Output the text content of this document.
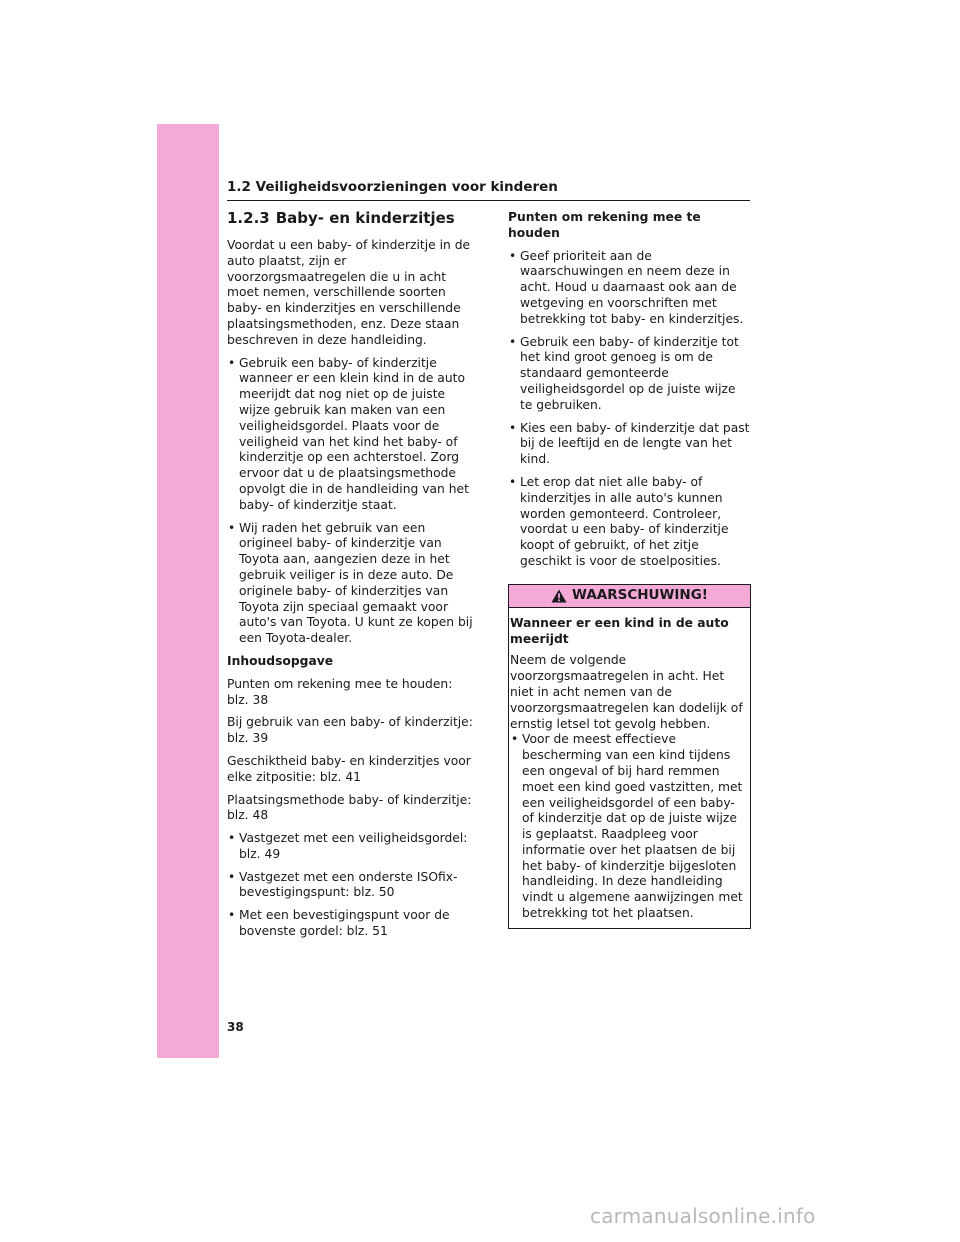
1.2 Veiligheidsvoorzieningen voor kinderen
1.2.3 Baby- en kinderzitjes

Voordat u een baby- of kinderzitje in de auto plaatst, zijn er voorzorgsmaatregelen die u in acht moet nemen, verschillende soorten baby- en kinderzitjes en verschillende plaatsingsmethoden, enz. Deze staan beschreven in deze handleiding.

• Gebruik een baby- of kinderzitje wanneer er een klein kind in de auto meerijdt dat nog niet op de juiste wijze gebruik kan maken van een veiligheidsgordel. Plaats voor de veiligheid van het kind het baby- of kinderzitje op een achterstoel. Zorg ervoor dat u de plaatsingsmethode opvolgt die in de handleiding van het baby- of kinderzitje staat.
• Wij raden het gebruik van een origineel baby- of kinderzitje van Toyota aan, aangezien deze in het gebruik veiliger is in deze auto. De originele baby- of kinderzitjes van Toyota zijn speciaal gemaakt voor auto's van Toyota. U kunt ze kopen bij een Toyota-dealer.

Inhoudsopgave

Punten om rekening mee te houden: blz. 38

Bij gebruik van een baby- of kinderzitje: blz. 39

Geschiktheid baby- en kinderzitjes voor elke zitpositie: blz. 41

Plaatsingsmethode baby- of kinderzitje: blz. 48

• Vastgezet met een veiligheidsgordel: blz. 49
• Vastgezet met een onderste ISOfix-bevestigingspunt: blz. 50
• Met een bevestigingspunt voor de bovenste gordel: blz. 51

Punten om rekening mee te houden

• Geef prioriteit aan de waarschuwingen en neem deze in acht. Houd u daarnaast ook aan de wetgeving en voorschriften met betrekking tot baby- en kinderzitjes.
• Gebruik een baby- of kinderzitje tot het kind groot genoeg is om de standaard gemonteerde veiligheidsgordel op de juiste wijze te gebruiken.
• Kies een baby- of kinderzitje dat past bij de leeftijd en de lengte van het kind.
• Let erop dat niet alle baby- of kinderzitjes in alle auto's kunnen worden gemonteerd. Controleer, voordat u een baby- of kinderzitje koopt of gebruikt, of het zitje geschikt is voor de stoelposities.
WAARSCHUWING!

Wanneer er een kind in de auto meerijdt

Neem de volgende voorzorgsmaatregelen in acht. Het niet in acht nemen van de voorzorgsmaatregelen kan dodelijk of ernstig letsel tot gevolg hebben.

• Voor de meest effectieve bescherming van een kind tijdens een ongeval of bij hard remmen moet een kind goed vastzitten, met een veiligheidsgordel of een baby- of kinderzitje dat op de juiste wijze is geplaatst. Raadpleeg voor informatie over het plaatsen de bij het baby- of kinderzitje bijgesloten handleiding. In deze handleiding vindt u algemene aanwijzingen met betrekking tot het plaatsen.
38
carmanualsonline.info
